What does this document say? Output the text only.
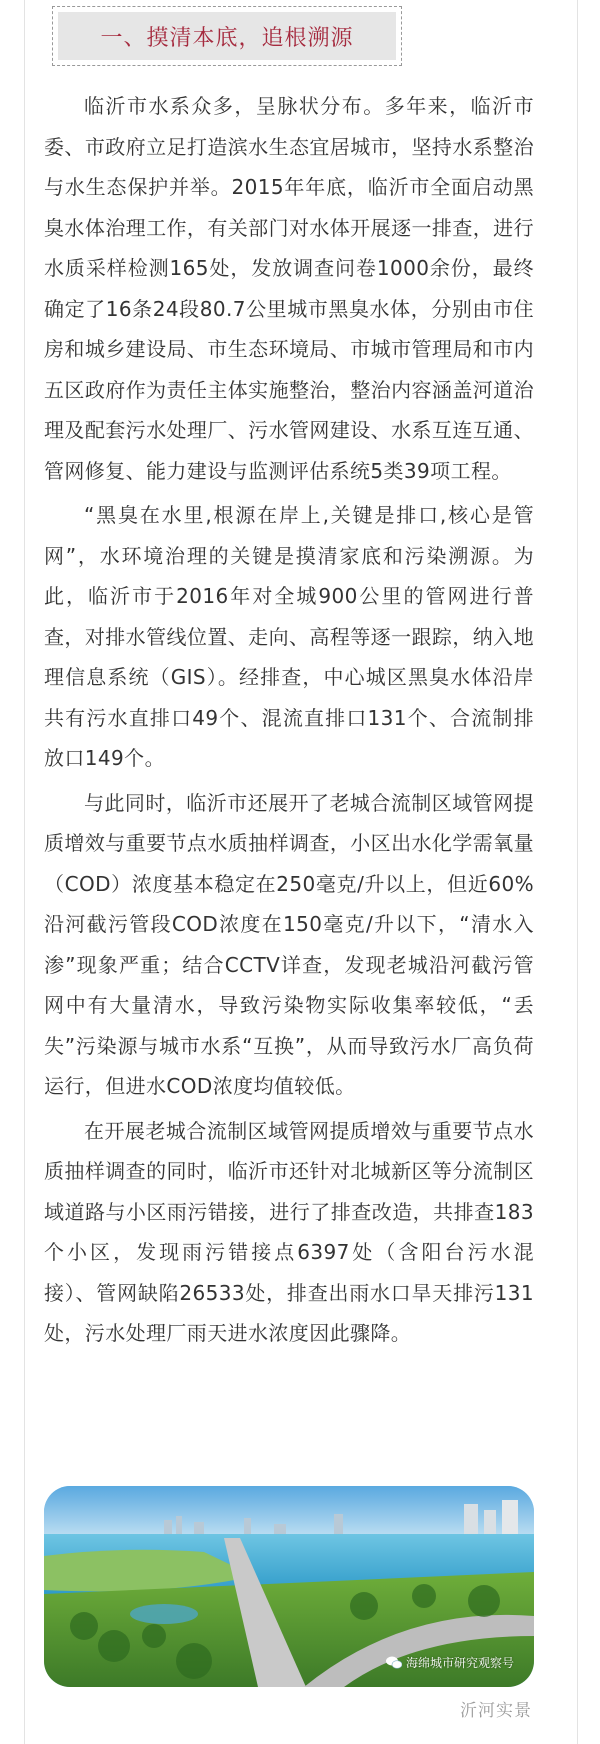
一、摸清本底，追根溯源

临沂市水系众多，呈脉状分布。多年来，临沂市委、市政府立足打造滨水生态宜居城市，坚持水系整治与水生态保护并举。2015年年底，临沂市全面启动黑臭水体治理工作，有关部门对水体开展逐一排查，进行水质采样检测165处，发放调查问卷1000余份，最终确定了16条24段80.7公里城市黑臭水体，分别由市住房和城乡建设局、市生态环境局、市城市管理局和市内五区政府作为责任主体实施整治，整治内容涵盖河道治理及配套污水处理厂、污水管网建设、水系互连互通、管网修复、能力建设与监测评估系统5类39项工程。

“黑臭在水里,根源在岸上,关键是排口,核心是管网”，水环境治理的关键是摸清家底和污染溯源。为此，临沂市于2016年对全城900公里的管网进行普查，对排水管线位置、走向、高程等逐一跟踪，纳入地理信息系统（GIS）。经排查，中心城区黑臭水体沿岸共有污水直排口49个、混流直排口131个、合流制排放口149个。

与此同时，临沂市还展开了老城合流制区域管网提质增效与重要节点水质抽样调查，小区出水化学需氧量（COD）浓度基本稳定在250毫克/升以上，但近60%沿河截污管段COD浓度在150毫克/升以下，“清水入渗”现象严重；结合CCTV详查，发现老城沿河截污管网中有大量清水，导致污染物实际收集率较低，“丢失”污染源与城市水系“互换”，从而导致污水厂高负荷运行，但进水COD浓度均值较低。

在开展老城合流制区域管网提质增效与重要节点水质抽样调查的同时，临沂市还针对北城新区等分流制区域道路与小区雨污错接，进行了排查改造，共排查183个小区，发现雨污错接点6397处（含阳台污水混接）、管网缺陷26533处，排查出雨水口旱天排污131处，污水处理厂雨天进水浓度因此骤降。

海绵城市研究观察号
沂河实景
